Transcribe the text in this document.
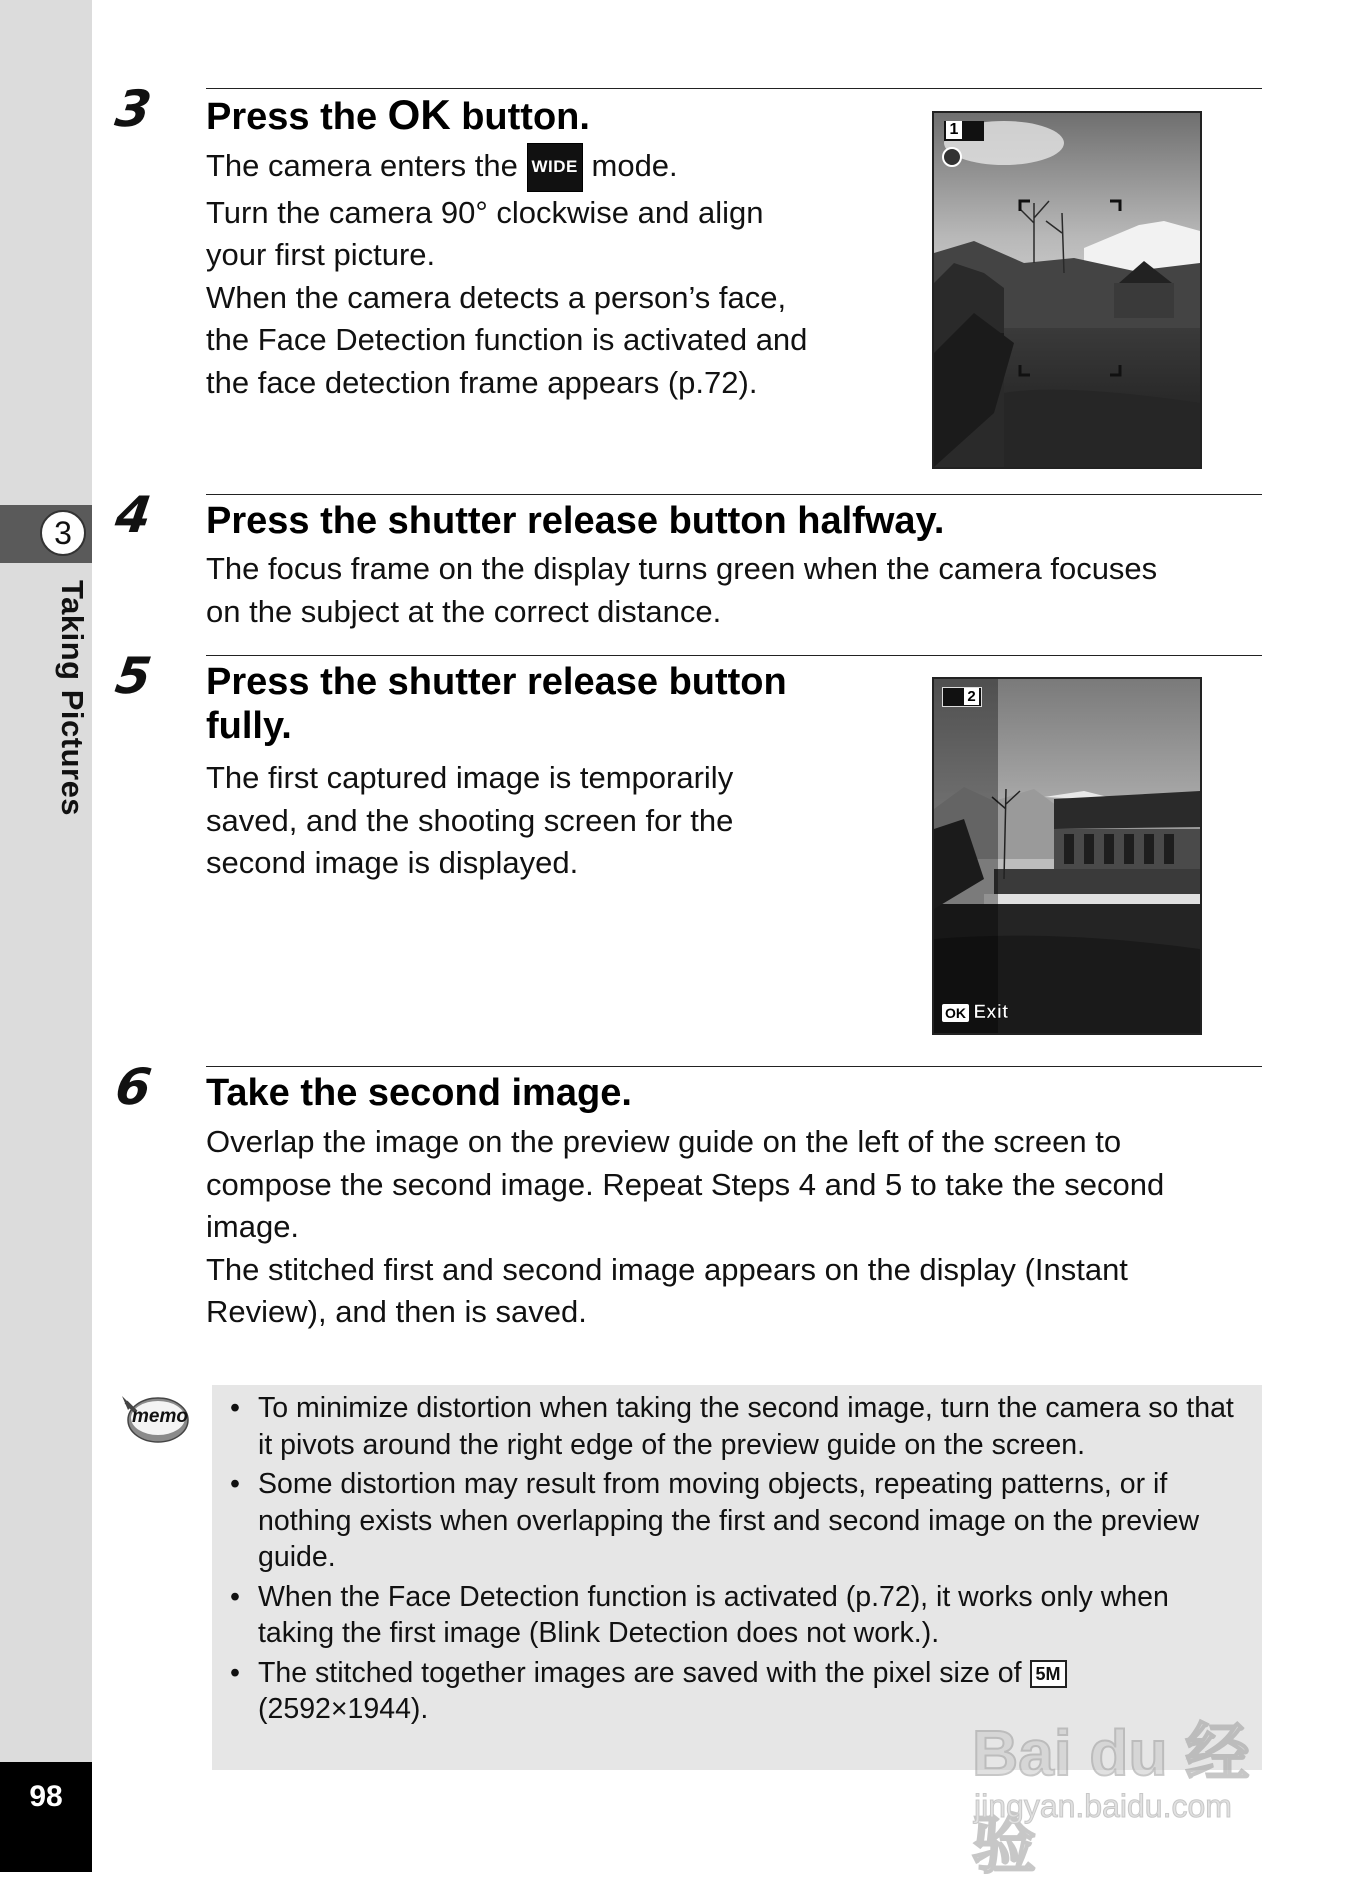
3
Taking Pictures
98
3 Press the OK button.

The camera enters the WIDE mode.

Turn the camera 90° clockwise and align

your first picture.

When the camera detects a person’s face,

the Face Detection function is activated and

the face detection frame appears (p.72).

1
4 Press the shutter release button halfway.

The focus frame on the display turns green when the camera focuses

on the subject at the correct distance.

5 Press the shutter release button
fully.

The first captured image is temporarily

saved, and the shooting screen for the

second image is displayed.

2
OK Exit
6 Take the second image.

Overlap the image on the preview guide on the left of the screen to

compose the second image. Repeat Steps 4 and 5 to take the second

image.

The stitched first and second image appears on the display (Instant

Review), and then is saved.

memo • To minimize distortion when taking the second image, turn the camera so that it pivots around the right edge of the preview guide on the screen.
• Some distortion may result from moving objects, repeating patterns, or if nothing exists when overlapping the first and second image on the preview guide.
• When the Face Detection function is activated (p.72), it works only when taking the first image (Blink Detection does not work.).
• The stitched together images are saved with the pixel size of 5M
(2592×1944).
Bai du 经验
jingyan.baidu.com
